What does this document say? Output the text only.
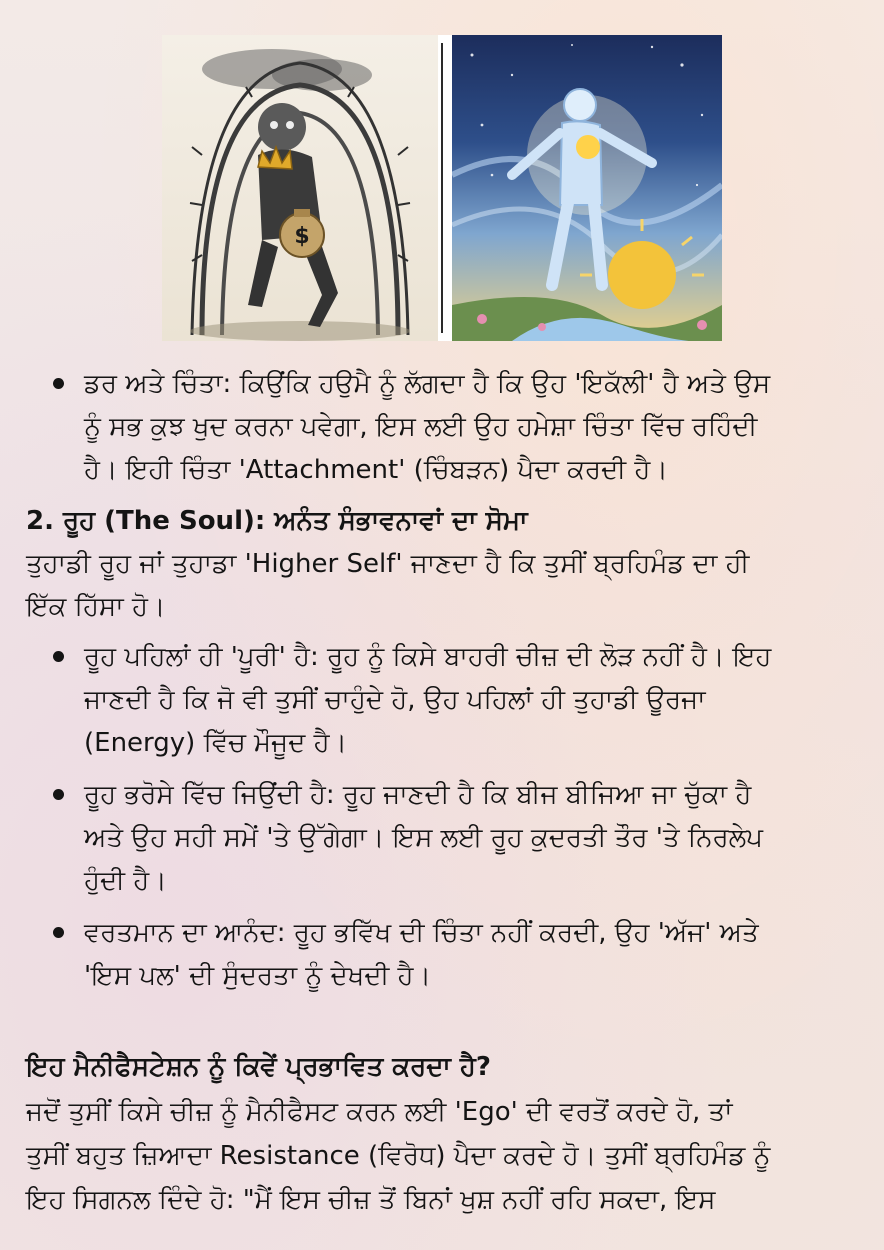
$
ਡਰ ਅਤੇ ਚਿੰਤਾ: ਕਿਉਂਕਿ ਹਉਮੈ ਨੂੰ ਲੱਗਦਾ ਹੈ ਕਿ ਉਹ 'ਇਕੱਲੀ' ਹੈ ਅਤੇ ਉਸ
ਨੂੰ ਸਭ ਕੁਝ ਖੁਦ ਕਰਨਾ ਪਵੇਗਾ, ਇਸ ਲਈ ਉਹ ਹਮੇਸ਼ਾ ਚਿੰਤਾ ਵਿੱਚ ਰਹਿੰਦੀ
ਹੈ। ਇਹੀ ਚਿੰਤਾ 'Attachment' (ਚਿੰਬੜਨ) ਪੈਦਾ ਕਰਦੀ ਹੈ।
2. ਰੂਹ (The Soul): ਅਨੰਤ ਸੰਭਾਵਨਾਵਾਂ ਦਾ ਸੋਮਾ
ਤੁਹਾਡੀ ਰੂਹ ਜਾਂ ਤੁਹਾਡਾ 'Higher Self' ਜਾਣਦਾ ਹੈ ਕਿ ਤੁਸੀਂ ਬ੍ਰਹਿਮੰਡ ਦਾ ਹੀ
ਇੱਕ ਹਿੱਸਾ ਹੋ।
ਰੂਹ ਪਹਿਲਾਂ ਹੀ 'ਪੂਰੀ' ਹੈ: ਰੂਹ ਨੂੰ ਕਿਸੇ ਬਾਹਰੀ ਚੀਜ਼ ਦੀ ਲੋੜ ਨਹੀਂ ਹੈ। ਇਹ
ਜਾਣਦੀ ਹੈ ਕਿ ਜੋ ਵੀ ਤੁਸੀਂ ਚਾਹੁੰਦੇ ਹੋ, ਉਹ ਪਹਿਲਾਂ ਹੀ ਤੁਹਾਡੀ ਊਰਜਾ
(Energy) ਵਿੱਚ ਮੌਜੂਦ ਹੈ।
ਰੂਹ ਭਰੋਸੇ ਵਿੱਚ ਜਿਉਂਦੀ ਹੈ: ਰੂਹ ਜਾਣਦੀ ਹੈ ਕਿ ਬੀਜ ਬੀਜਿਆ ਜਾ ਚੁੱਕਾ ਹੈ
ਅਤੇ ਉਹ ਸਹੀ ਸਮੇਂ 'ਤੇ ਉੱਗੇਗਾ। ਇਸ ਲਈ ਰੂਹ ਕੁਦਰਤੀ ਤੌਰ 'ਤੇ ਨਿਰਲੇਪ
ਹੁੰਦੀ ਹੈ।
ਵਰਤਮਾਨ ਦਾ ਆਨੰਦ: ਰੂਹ ਭਵਿੱਖ ਦੀ ਚਿੰਤਾ ਨਹੀਂ ਕਰਦੀ, ਉਹ 'ਅੱਜ' ਅਤੇ
'ਇਸ ਪਲ' ਦੀ ਸੁੰਦਰਤਾ ਨੂੰ ਦੇਖਦੀ ਹੈ।
ਇਹ ਮੈਨੀਫੈਸਟੇਸ਼ਨ ਨੂੰ ਕਿਵੇਂ ਪ੍ਰਭਾਵਿਤ ਕਰਦਾ ਹੈ?
ਜਦੋਂ ਤੁਸੀਂ ਕਿਸੇ ਚੀਜ਼ ਨੂੰ ਮੈਨੀਫੈਸਟ ਕਰਨ ਲਈ 'Ego' ਦੀ ਵਰਤੋਂ ਕਰਦੇ ਹੋ, ਤਾਂ
ਤੁਸੀਂ ਬਹੁਤ ਜ਼ਿਆਦਾ Resistance (ਵਿਰੋਧ) ਪੈਦਾ ਕਰਦੇ ਹੋ। ਤੁਸੀਂ ਬ੍ਰਹਿਮੰਡ ਨੂੰ
ਇਹ ਸਿਗਨਲ ਦਿੰਦੇ ਹੋ: "ਮੈਂ ਇਸ ਚੀਜ਼ ਤੋਂ ਬਿਨਾਂ ਖੁਸ਼ ਨਹੀਂ ਰਹਿ ਸਕਦਾ, ਇਸ
